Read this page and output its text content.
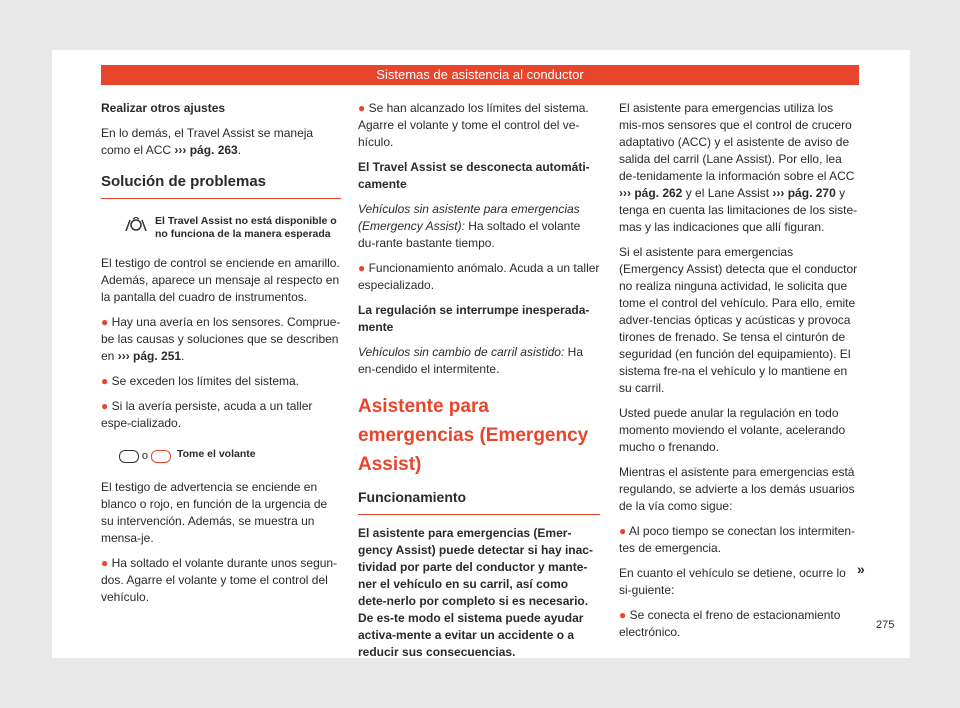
Sistemas de asistencia al conductor

Realizar otros ajustes

En lo demás, el Travel Assist se maneja como el ACC ››› pág. 263.

Solución de problemas
El Travel Assist no está disponible o no funciona de la manera esperada

El testigo de control se enciende en amarillo. Además, aparece un mensaje al respecto en la pantalla del cuadro de instrumentos.

● Hay una avería en los sensores. Comprue-be las causas y soluciones que se describen en ››› pág. 251.

● Se exceden los límites del sistema.

● Si la avería persiste, acuda a un taller espe-cializado.

o	Tome el volante

El testigo de advertencia se enciende en blanco o rojo, en función de la urgencia de su intervención. Además, se muestra un mensa-je.

● Ha soltado el volante durante unos segun-dos. Agarre el volante y tome el control del vehículo.

● Se han alcanzado los límites del sistema. Agarre el volante y tome el control del ve-hículo.

El Travel Assist se desconecta automáti-camente

Vehículos sin asistente para emergencias (Emergency Assist): Ha soltado el volante du-rante bastante tiempo.

● Funcionamiento anómalo. Acuda a un taller especializado.

La regulación se interrumpe inesperada-mente

Vehículos sin cambio de carril asistido: Ha en-cendido el intermitente.

Asistente para emergencias (Emergency Assist)
Funcionamiento

El asistente para emergencias (Emer-gency Assist) puede detectar si hay inac-tividad por parte del conductor y mante-ner el vehículo en su carril, así como dete-nerlo por completo si es necesario. De es-te modo el sistema puede ayudar activa-mente a evitar un accidente o a reducir sus consecuencias.

El asistente para emergencias utiliza los mis-mos sensores que el control de crucero adaptativo (ACC) y el asistente de aviso de salida del carril (Lane Assist). Por ello, lea de-tenidamente la información sobre el ACC ››› pág. 262 y el Lane Assist ››› pág. 270 y tenga en cuenta las limitaciones de los siste-mas y las indicaciones que allí figuran.

Si el asistente para emergencias (Emergency Assist) detecta que el conductor no realiza ninguna actividad, le solicita que tome el control del vehículo. Para ello, emite adver-tencias ópticas y acústicas y provoca tirones de frenado. Se tensa el cinturón de seguridad (en función del equipamiento). El sistema fre-na el vehículo y lo mantiene en su carril.

Usted puede anular la regulación en todo momento moviendo el volante, acelerando mucho o frenando.

Mientras el asistente para emergencias está regulando, se advierte a los demás usuarios de la vía como sigue:

● Al poco tiempo se conectan los intermiten-tes de emergencia.

En cuanto el vehículo se detiene, ocurre lo si-guiente:

● Se conecta el freno de estacionamiento electrónico.

»
275
